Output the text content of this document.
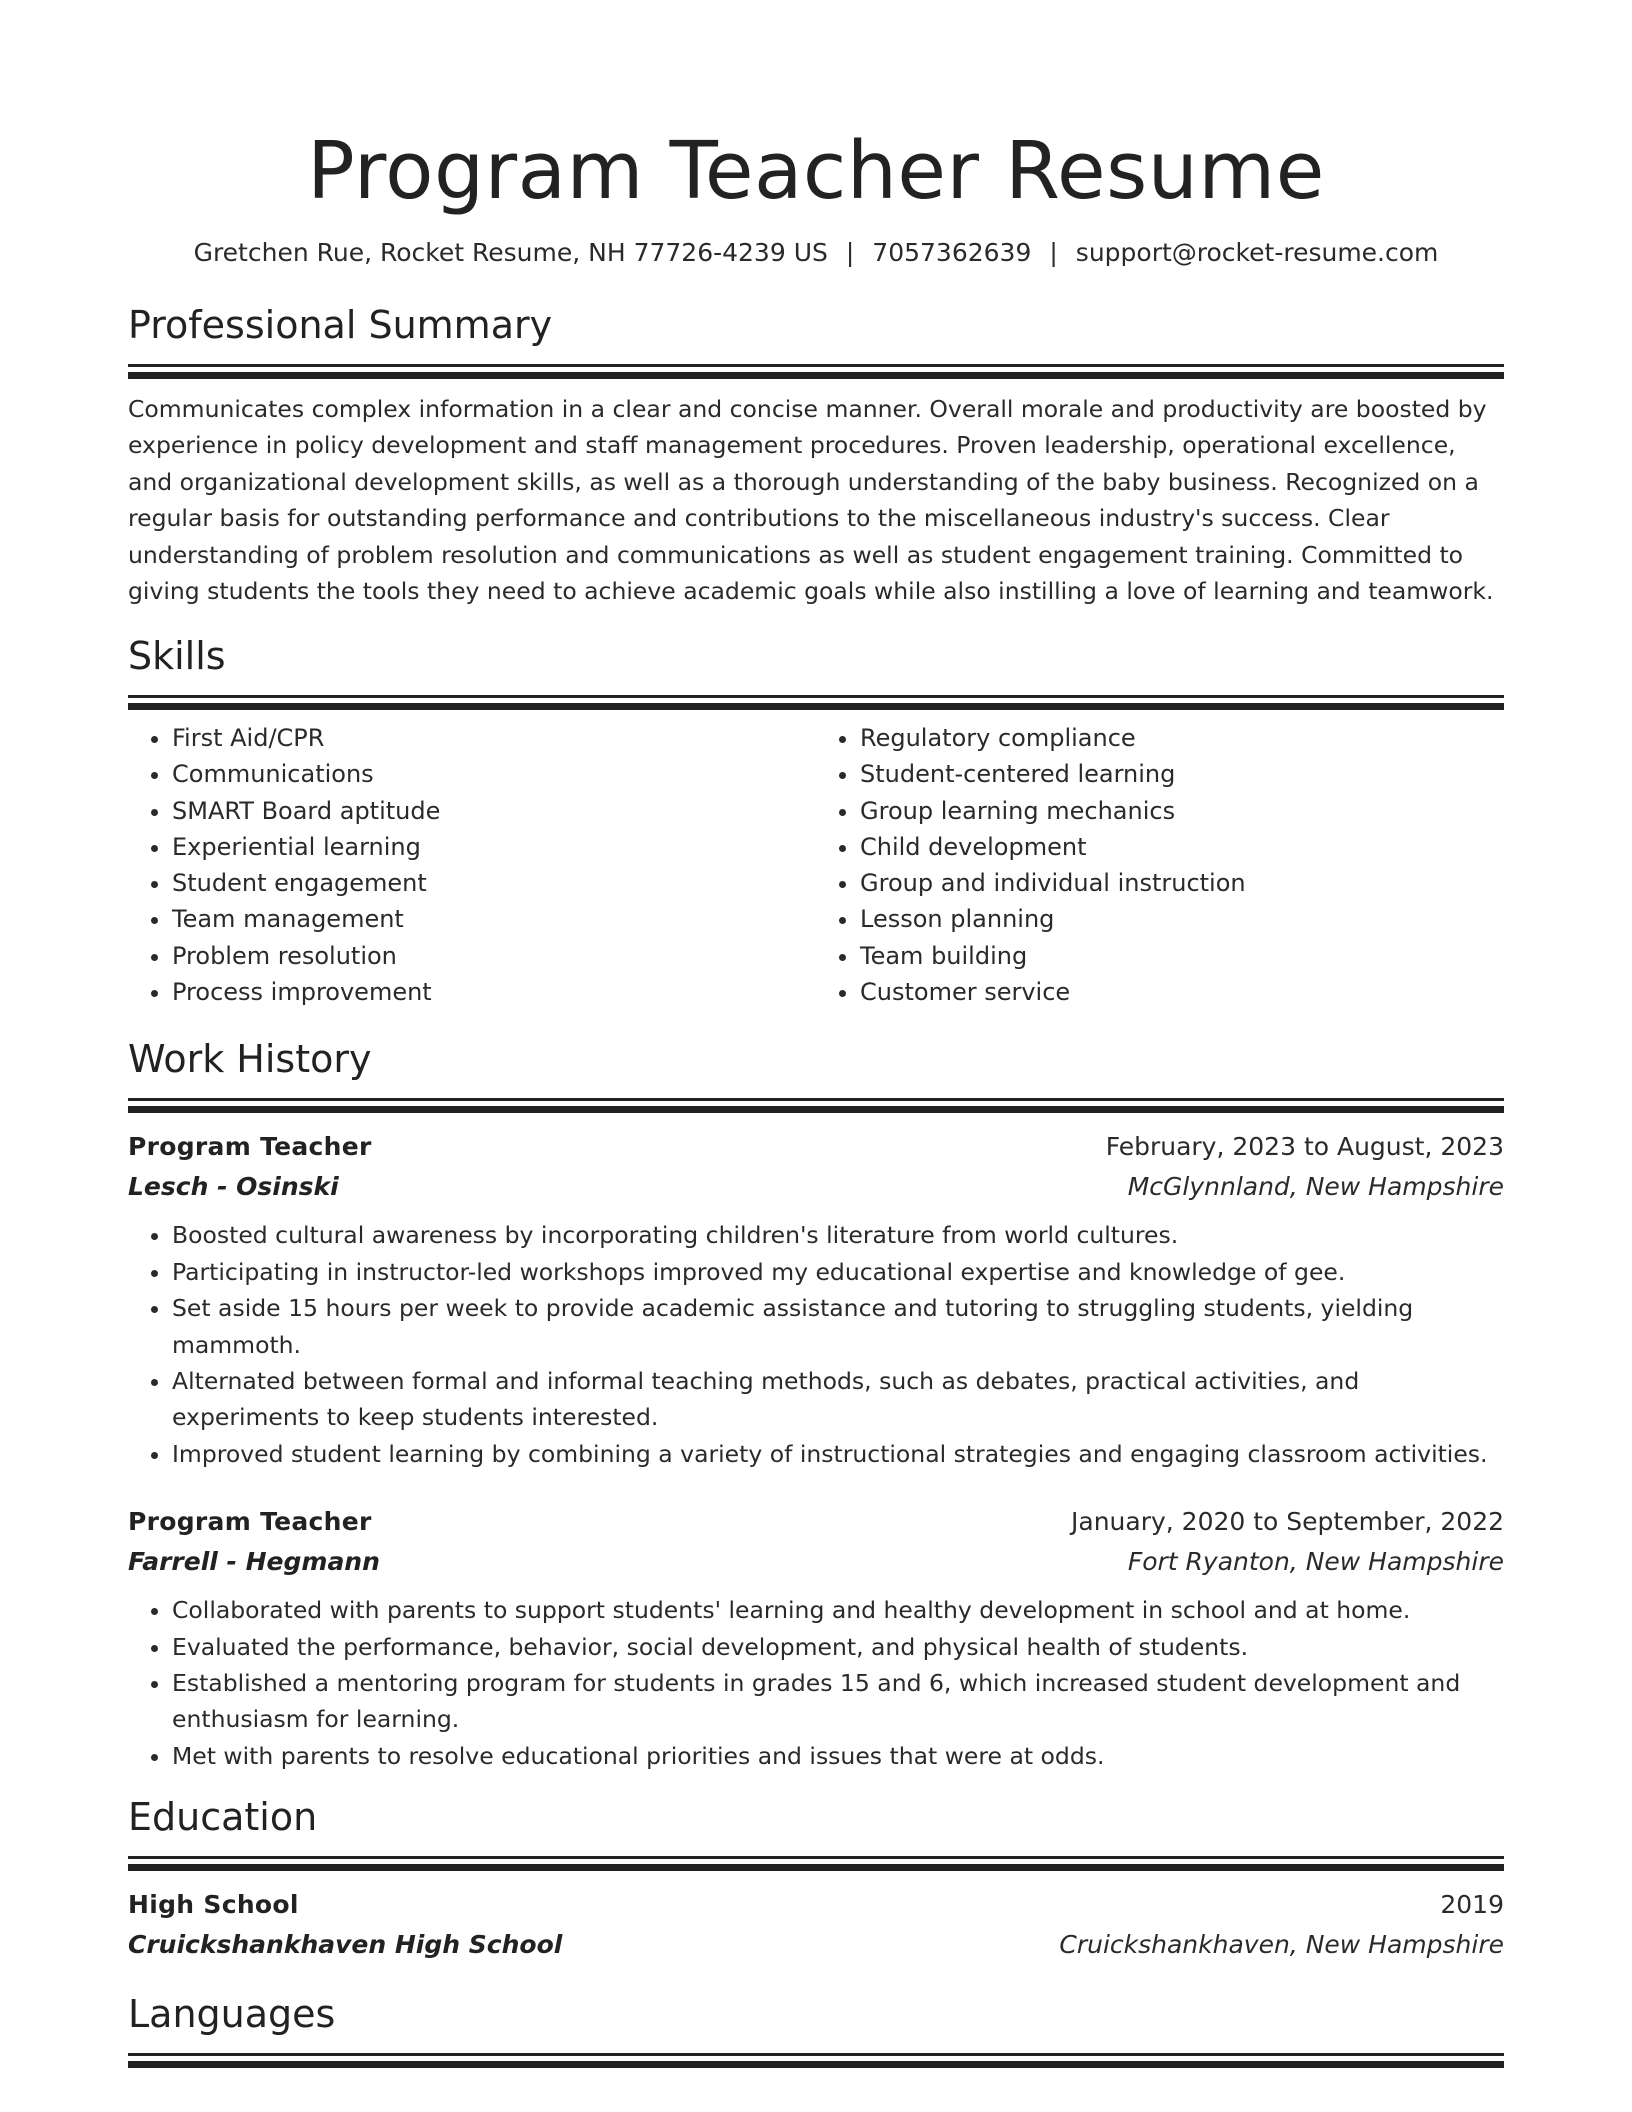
Program Teacher Resume
Gretchen Rue, Rocket Resume, NH 77726-4239 US | 7057362639 | support@rocket-resume.com
Professional Summary

Communicates complex information in a clear and concise manner. Overall morale and productivity are boosted by experience in policy development and staff management procedures. Proven leadership, operational excellence, and organizational development skills, as well as a thorough understanding of the baby business. Recognized on a regular basis for outstanding performance and contributions to the miscellaneous industry's success. Clear understanding of problem resolution and communications as well as student engagement training. Committed to giving students the tools they need to achieve academic goals while also instilling a love of learning and teamwork.

Skills
• First Aid/CPR
• Communications
• SMART Board aptitude
• Experiential learning
• Student engagement
• Team management
• Problem resolution
• Process improvement
• Regulatory compliance
• Student-centered learning
• Group learning mechanics
• Child development
• Group and individual instruction
• Lesson planning
• Team building
• Customer service
Work History
Program Teacher	February, 2023 to August, 2023
Lesch - Osinski	McGlynnland, New Hampshire
• Boosted cultural awareness by incorporating children's literature from world cultures.
• Participating in instructor-led workshops improved my educational expertise and knowledge of gee.
• Set aside 15 hours per week to provide academic assistance and tutoring to struggling students, yielding mammoth.
• Alternated between formal and informal teaching methods, such as debates, practical activities, and experiments to keep students interested.
• Improved student learning by combining a variety of instructional strategies and engaging classroom activities.
Program Teacher	January, 2020 to September, 2022
Farrell - Hegmann	Fort Ryanton, New Hampshire
• Collaborated with parents to support students' learning and healthy development in school and at home.
• Evaluated the performance, behavior, social development, and physical health of students.
• Established a mentoring program for students in grades 15 and 6, which increased student development and enthusiasm for learning.
• Met with parents to resolve educational priorities and issues that were at odds.
Education
High School	2019
Cruickshankhaven High School	Cruickshankhaven, New Hampshire
Languages
